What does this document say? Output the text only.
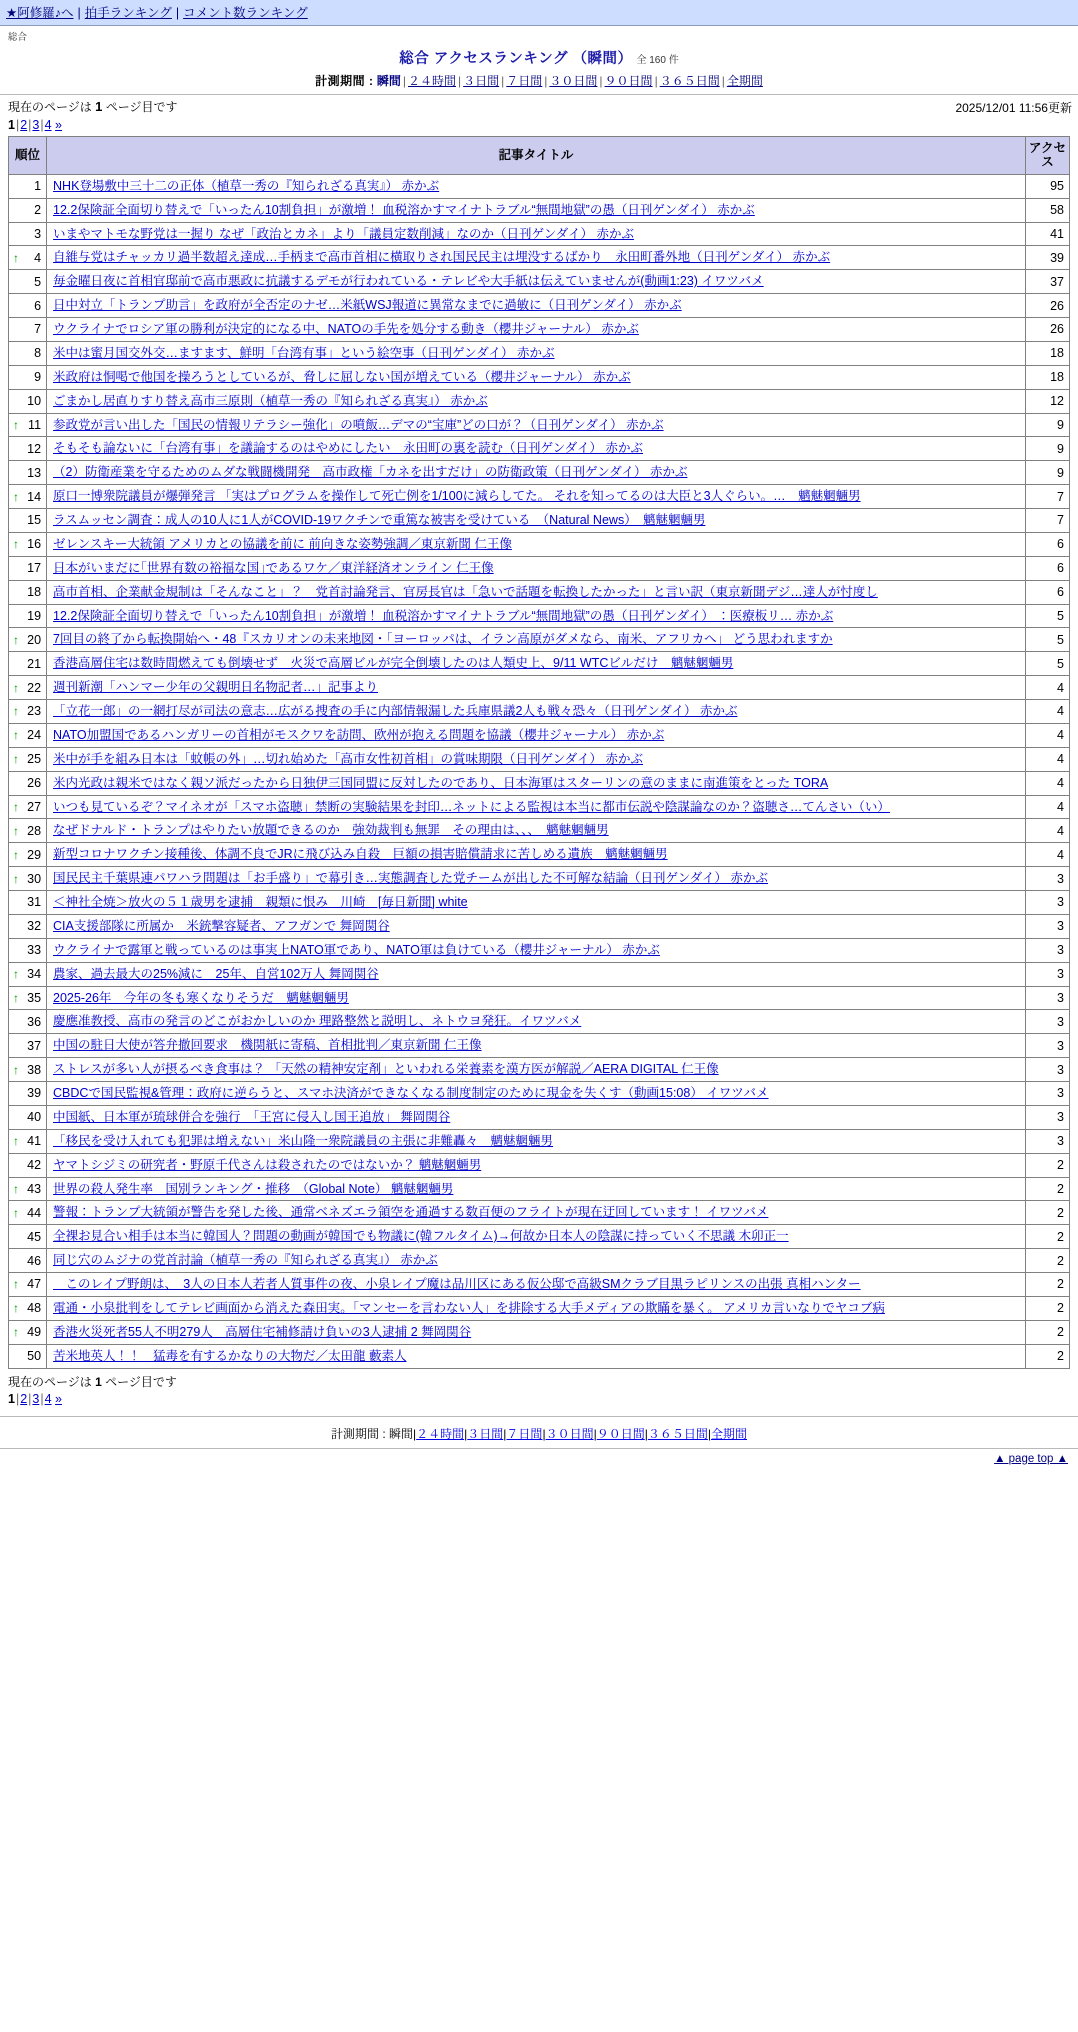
★阿修羅♪へ | 拍手ランキング | コメント数ランキング
総合
総合 アクセスランキング （瞬間） 全 160 件
計測期間 : 瞬間 | ２４時間 | ３日間 | ７日間 | ３０日間 | ９０日間 | ３６５日間 | 全期間
現在のページは 1 ページ目です	2025/12/01 11:56更新
1|2|3|4 »
順位	記事タイトル	アクセス
1	NHK登場敷中三十二の正体（植草一秀の『知られざる真実』） 赤かぶ	95
2	12.2保険証全面切り替えで「いったん10割負担」が激増！ 血税溶かすマイナトラブル“無間地獄”の愚（日刊ゲンダイ） 赤かぶ	58
3	いまやマトモな野党は一握り なぜ「政治とカネ」より「議員定数削減」なのか（日刊ゲンダイ） 赤かぶ	41

↑ 4	自維与党はチャッカリ過半数超え達成…手柄まで高市首相に横取りされ国民民主は埋没するばかり　永田町番外地（日刊ゲンダイ） 赤かぶ	39
5	毎金曜日夜に首相官邸前で高市悪政に抗議するデモが行われている・テレビや大手紙は伝えていませんが(動画1:23) イワツバメ	37
6	日中対立「トランプ助言」を政府が全否定のナゼ…米紙WSJ報道に異常なまでに過敏に（日刊ゲンダイ） 赤かぶ	26
7	ウクライナでロシア軍の勝利が決定的になる中、NATOの手先を処分する動き（櫻井ジャーナル） 赤かぶ	26
8	米中は蜜月国交外交…ますます、鮮明「台湾有事」という絵空事（日刊ゲンダイ） 赤かぶ	18
9	米政府は恫喝で他国を操ろうとしているが、脅しに屈しない国が増えている（櫻井ジャーナル） 赤かぶ	18
10	ごまかし居直りすり替え高市三原則（植草一秀の『知られざる真実』） 赤かぶ	12

↑ 11	参政党が言い出した「国民の情報リテラシー強化」の噴飯…デマの“宝庫”どの口が？（日刊ゲンダイ） 赤かぶ	9
12	そもそも論ないに「台湾有事」を議論するのはやめにしたい　永田町の裏を読む（日刊ゲンダイ） 赤かぶ	9
13	（2）防衛産業を守るためのムダな戦闘機開発　高市政権「カネを出すだけ」の防衛政策（日刊ゲンダイ） 赤かぶ	9

↑ 14	原口一博衆院議員が爆弾発言 「実はプログラムを操作して死亡例を1/100に減らしてた。 それを知ってるのは大臣と3人ぐらい。…　魑魅魍魎男	7
15	ラスムッセン調査：成人の10人に1人がCOVID-19ワクチンで重篤な被害を受けている　（Natural News）　魑魅魍魎男	7

↑ 16	ゼレンスキー大統領 アメリカとの協議を前に 前向きな姿勢強調／東京新聞 仁王像	6
17	日本がいまだに｢世界有数の裕福な国｣であるワケ／東洋経済オンライン 仁王像	6
18	高市首相、企業献金規制は「そんなこと」？　党首討論発言、官房長官は「急いで話題を転換したかった」と言い訳（東京新聞デジ…達人が忖度し	6
19	12.2保険証全面切り替えで「いったん10割負担」が激増！ 血税溶かすマイナトラブル“無間地獄”の愚（日刊ゲンダイ） ：医療板リ… 赤かぶ	5

↑ 20	7回目の終了から転換開始へ・48『スカリオンの未来地図・「ヨーロッパは、イラン高原がダメなら、南米、アフリカへ」 どう思われますか	5
21	香港高層住宅は数時間燃えても倒壊せず　火災で高層ビルが完全倒壊したのは人類史上、9/11 WTCビルだけ　魑魅魍魎男	5

↑ 22	週刊新潮「ハンマー少年の父親明日名物記者…」記事より	4

↑ 23	「立花一郎」の一網打尽が司法の意志…広がる捜査の手に内部情報漏した兵庫県議2人も戦々恐々（日刊ゲンダイ） 赤かぶ	4

↑ 24	NATO加盟国であるハンガリーの首相がモスクワを訪問、欧州が抱える問題を協議（櫻井ジャーナル） 赤かぶ	4

↑ 25	米中が手を組み日本は「蚊帳の外」…切れ始めた「高市女性初首相」の賞味期限（日刊ゲンダイ） 赤かぶ	4
26	米内光政は親米ではなく親ソ派だったから日独伊三国同盟に反対したのであり、日本海軍はスターリンの意のままに南進策をとった TORA	4

↑ 27	いつも見ているぞ？マイネオが「スマホ盗聴」禁断の実験結果を封印…ネットによる監視は本当に都市伝説や陰謀論なのか？盗聴さ…てんさい（い）	4

↑ 28	なぜドナルド・トランプはやりたい放題できるのか　強効裁判も無罪　その理由は、、、　魑魅魍魎男	4

↑ 29	新型コロナワクチン接種後、体調不良でJRに飛び込み自殺　巨額の損害賠償請求に苦しめる遺族　魑魅魍魎男	4

↑ 30	国民民主千葉県連パワハラ問題は「お手盛り」で幕引き…実態調査した党チームが出した不可解な結論（日刊ゲンダイ） 赤かぶ	3
31	＜神社全焼＞放火の５１歳男を逮捕　親類に恨み　川崎　[毎日新聞] white	3
32	CIA支援部隊に所属か　米銃撃容疑者、アフガンで 舞岡関谷	3
33	ウクライナで露軍と戦っているのは事実上NATO軍であり、NATO軍は負けている（櫻井ジャーナル） 赤かぶ	3

↑ 34	農家、過去最大の25%減に　25年、自営102万人 舞岡関谷	3

↑ 35	2025-26年　今年の冬も寒くなりそうだ　魑魅魍魎男	3
36	慶應准教授、高市の発言のどこがおかしいのか 理路整然と説明し、ネトウヨ発狂。イワツバメ	3
37	中国の駐日大使が答弁撤回要求　機関紙に寄稿、首相批判／東京新聞 仁王像	3

↑ 38	ストレスが多い人が摂るべき食事は？ 「天然の精神安定剤」といわれる栄養素を漢方医が解説／AERA DIGITAL 仁王像	3
39	CBDCで国民監視&管理：政府に逆らうと、スマホ決済ができなくなる制度制定のために現金を失くす（動画15:08） イワツバメ	3
40	中国紙、日本軍が琉球併合を強行　「王宮に侵入し国王追放」 舞岡関谷	3

↑ 41	「移民を受け入れても犯罪は増えない」米山隆一衆院議員の主張に非難轟々　魑魅魍魎男	3
42	ヤマトシジミの研究者・野原千代さんは殺されたのではないか？ 魑魅魍魎男	2

↑ 43	世界の殺人発生率　国別ランキング・推移　（Global Note） 魑魅魍魎男	2

↑ 44	警報：トランプ大統領が警告を発した後、通常ベネズエラ領空を通過する数百便のフライトが現在迂回しています！ イワツバメ	2
45	全裸お見合い相手は本当に韓国人？問題の動画が韓国でも物議に(韓フルタイム)→何故か日本人の陰謀に持っていく不思議 木卯正一	2
46	同じ穴のムジナの党首討論（植草一秀の『知られざる真実』） 赤かぶ	2

↑ 47	　このレイプ野朗は、　3人の日本人若者人質事件の夜、小泉レイプ魔は品川区にある仮公邸で高級SMクラブ目黒ラピリンスの出張 真相ハンター	2

↑ 48	電通・小泉批判をしてテレビ画面から消えた森田実。「マンセーを言わない人」を排除する大手メディアの欺瞞を暴く。 アメリカ言いなりでヤコブ病	2

↑ 49	香港火災死者55人不明279人　高層住宅補修請け負いの3人逮捕 2 舞岡関谷	2
50	苦米地英人！！　猛毒を有するかなりの大物だ／太田龍 藪素人	2
現在のページは 1 ページ目です
1|2|3|4 »
計測期間 : 瞬間|２４時間|３日間|７日間|３０日間|９０日間|３６５日間|全期間
▲ page top ▲
